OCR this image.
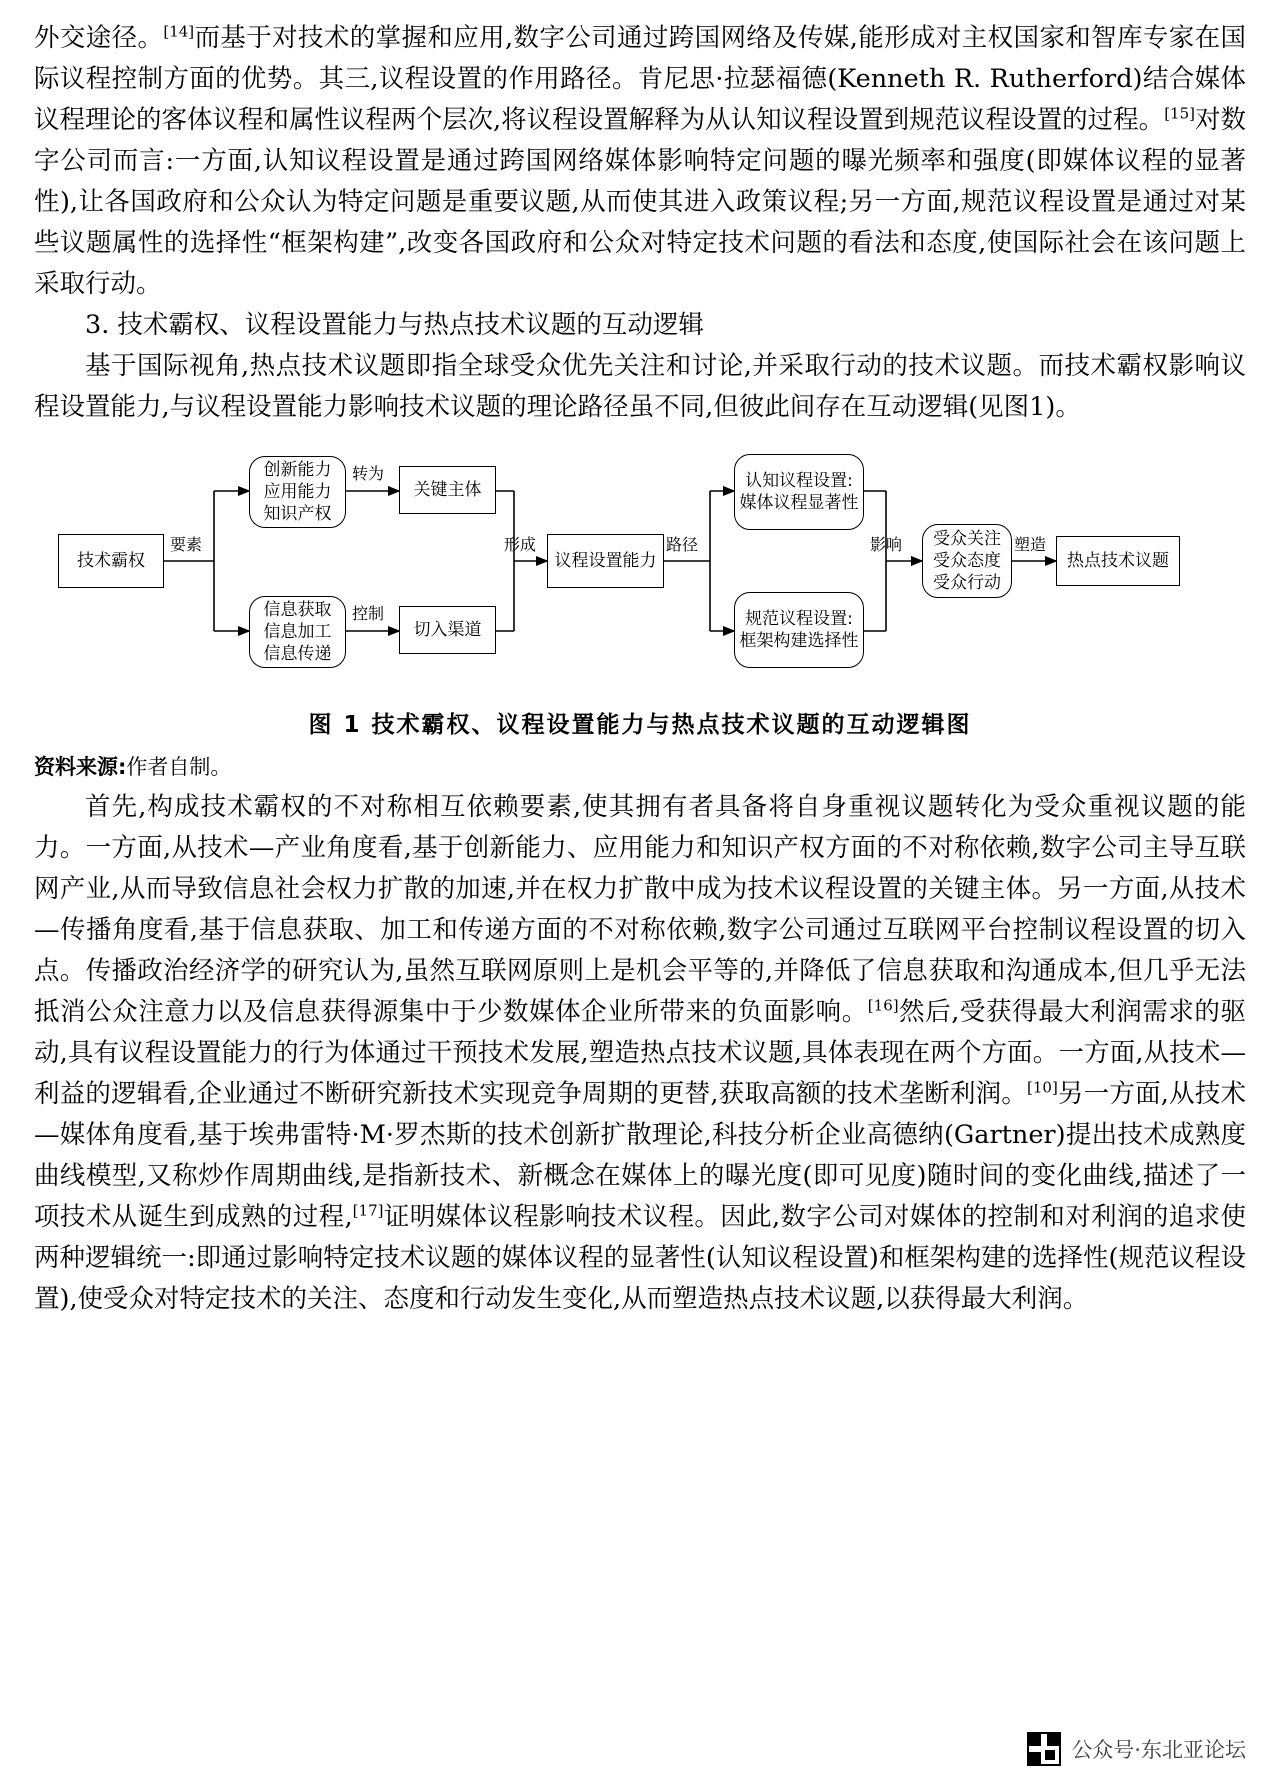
外交途径。[14]而基于对技术的掌握和应用,数字公司通过跨国网络及传媒,能形成对主权国家和智库专家在国际议程控制方面的优势。其三,议程设置的作用路径。肯尼思·拉瑟福德(Kenneth R. Rutherford)结合媒体议程理论的客体议程和属性议程两个层次,将议程设置解释为从认知议程设置到规范议程设置的过程。[15]对数字公司而言:一方面,认知议程设置是通过跨国网络媒体影响特定问题的曝光频率和强度(即媒体议程的显著性),让各国政府和公众认为特定问题是重要议题,从而使其进入政策议程;另一方面,规范议程设置是通过对某些议题属性的选择性“框架构建”,改变各国政府和公众对特定技术问题的看法和态度,使国际社会在该问题上采取行动。

3. 技术霸权、议程设置能力与热点技术议题的互动逻辑

基于国际视角,热点技术议题即指全球受众优先关注和讨论,并采取行动的技术议题。而技术霸权影响议程设置能力,与议程设置能力影响技术议题的理论路径虽不同,但彼此间存在互动逻辑(见图1)。

技术霸权
创新能力
应用能力
知识产权
信息获取
信息加工
信息传递
关键主体
切入渠道
议程设置能力
认知议程设置:
媒体议程显著性
规范议程设置:
框架构建选择性
受众关注
受众态度
受众行动
热点技术议题
要素
转为
控制
形成	路径	影响	塑造
图 1 技术霸权、议程设置能力与热点技术议题的互动逻辑图
资料来源:作者自制。

首先,构成技术霸权的不对称相互依赖要素,使其拥有者具备将自身重视议题转化为受众重视议题的能力。一方面,从技术—产业角度看,基于创新能力、应用能力和知识产权方面的不对称依赖,数字公司主导互联网产业,从而导致信息社会权力扩散的加速,并在权力扩散中成为技术议程设置的关键主体。另一方面,从技术—传播角度看,基于信息获取、加工和传递方面的不对称依赖,数字公司通过互联网平台控制议程设置的切入点。传播政治经济学的研究认为,虽然互联网原则上是机会平等的,并降低了信息获取和沟通成本,但几乎无法抵消公众注意力以及信息获得源集中于少数媒体企业所带来的负面影响。[16]然后,受获得最大利润需求的驱动,具有议程设置能力的行为体通过干预技术发展,塑造热点技术议题,具体表现在两个方面。一方面,从技术—利益的逻辑看,企业通过不断研究新技术实现竞争周期的更替,获取高额的技术垄断利润。[10]另一方面,从技术—媒体角度看,基于埃弗雷特·M·罗杰斯的技术创新扩散理论,科技分析企业高德纳(Gartner)提出技术成熟度曲线模型,又称炒作周期曲线,是指新技术、新概念在媒体上的曝光度(即可见度)随时间的变化曲线,描述了一项技术从诞生到成熟的过程,[17]证明媒体议程影响技术议程。因此,数字公司对媒体的控制和对利润的追求使两种逻辑统一:即通过影响特定技术议题的媒体议程的显著性(认知议程设置)和框架构建的选择性(规范议程设置),使受众对特定技术的关注、态度和行动发生变化,从而塑造热点技术议题,以获得最大利润。

公众号·东北亚论坛
